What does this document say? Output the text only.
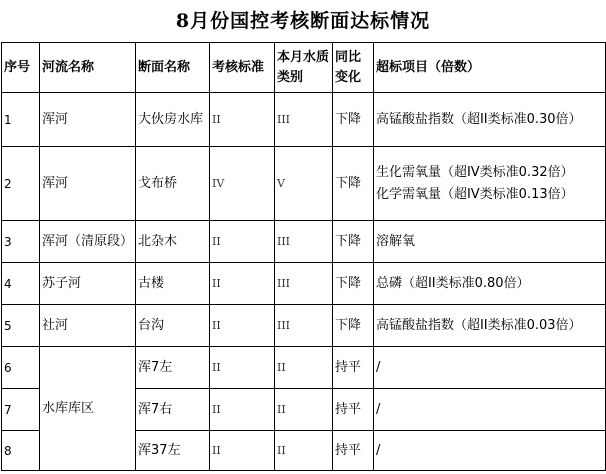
8月份国控考核断面达标情况
序号	河流名称	断面名称	考核标准	本月水质类别	同比变化	超标项目（倍数）
1	浑河	大伙房水库	II	III	下降	高锰酸盐指数（超II类标准0.30倍）
2	浑河	戈布桥	IV	V	下降	生化需氧量（超IV类标准0.32倍）
化学需氧量（超IV类标准0.13倍）

3	浑河（清原段）	北杂木	II	III	下降	溶解氧
4	苏子河	古楼	II	III	下降	总磷（超II类标准0.80倍）
5	社河	台沟	II	III	下降	高锰酸盐指数（超II类标准0.03倍）
6	水库库区	浑7左	II	II	持平	/
7		浑7右	II	II	持平	/
8		浑37左	II	II	持平	/
